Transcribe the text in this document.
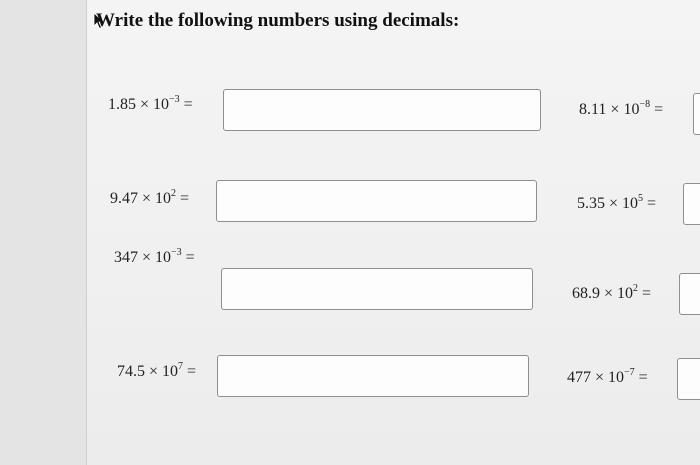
Write the following numbers using decimals:
$1.85 \times 10^{-3}$ =
$9.47 \times 10^2$ =
$347 \times 10^{-3}$ =
$74.5 \times 10^7$ =
$8.11 \times 10^{-8}$ =
$5.35 \times 10^5$ =
$68.9 \times 10^2$ =
$477 \times 10^{-7}$ =
